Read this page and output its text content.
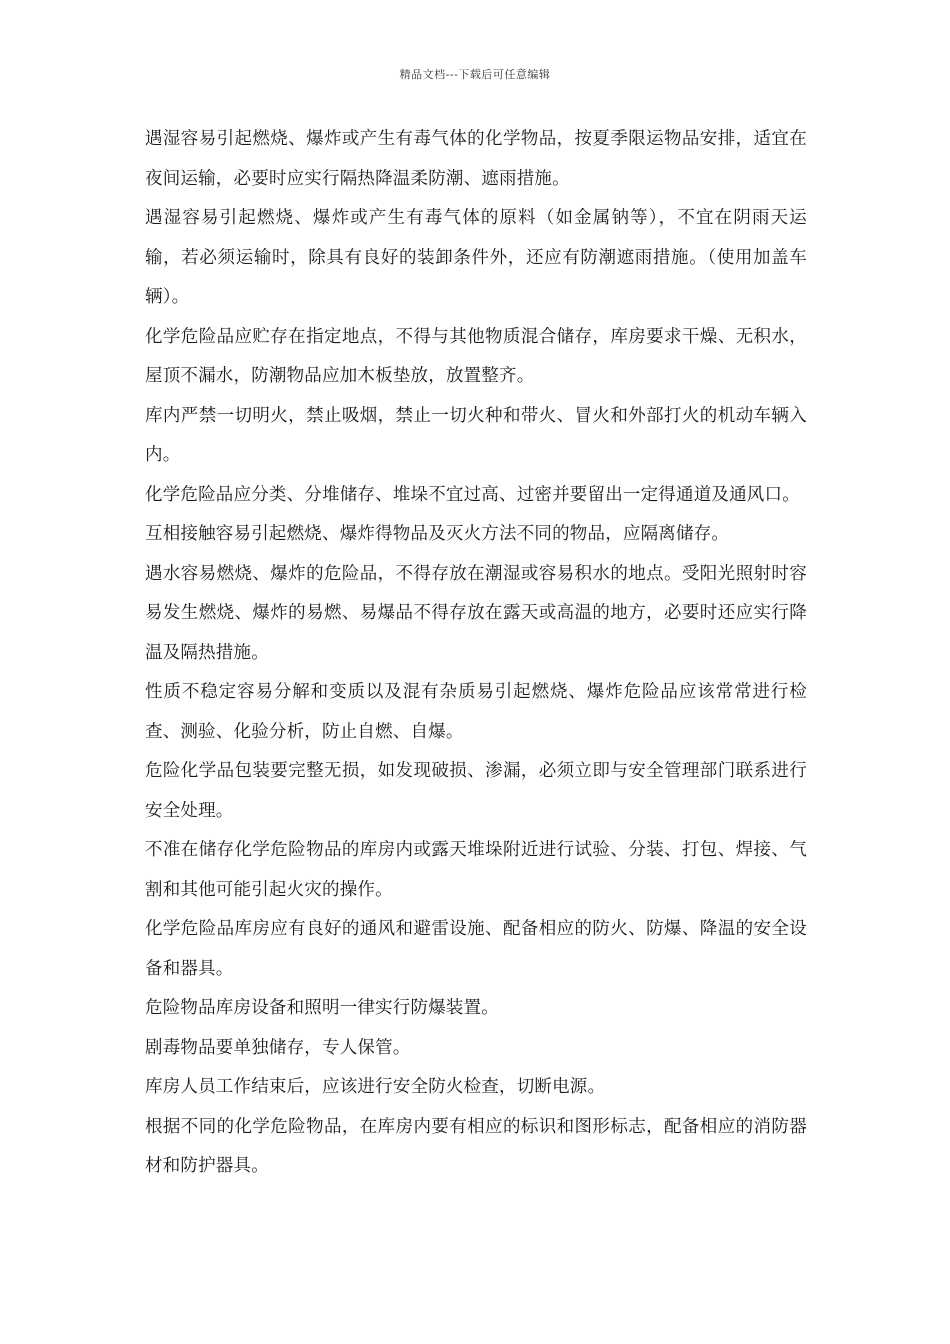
精品文档---下载后可任意编辑

遇湿容易引起燃烧、爆炸或产生有毒气体的化学物品，按夏季限运物品安排，适宜在夜间运输，必要时应实行隔热降温柔防潮、遮雨措施。

遇湿容易引起燃烧、爆炸或产生有毒气体的原料（如金属钠等），不宜在阴雨天运输，若必须运输时，除具有良好的装卸条件外，还应有防潮遮雨措施。（使用加盖车辆）。

化学危险品应贮存在指定地点，不得与其他物质混合储存，库房要求干燥、无积水，屋顶不漏水，防潮物品应加木板垫放，放置整齐。

库内严禁一切明火，禁止吸烟，禁止一切火种和带火、冒火和外部打火的机动车辆入内。

化学危险品应分类、分堆储存、堆垛不宜过高、过密并要留出一定得通道及通风口。

互相接触容易引起燃烧、爆炸得物品及灭火方法不同的物品，应隔离储存。

遇水容易燃烧、爆炸的危险品，不得存放在潮湿或容易积水的地点。受阳光照射时容易发生燃烧、爆炸的易燃、易爆品不得存放在露天或高温的地方，必要时还应实行降温及隔热措施。

性质不稳定容易分解和变质以及混有杂质易引起燃烧、爆炸危险品应该常常进行检查、测验、化验分析，防止自燃、自爆。

危险化学品包装要完整无损，如发现破损、渗漏，必须立即与安全管理部门联系进行安全处理。

不准在储存化学危险物品的库房内或露天堆垛附近进行试验、分装、打包、焊接、气割和其他可能引起火灾的操作。

化学危险品库房应有良好的通风和避雷设施、配备相应的防火、防爆、降温的安全设备和器具。

危险物品库房设备和照明一律实行防爆装置。

剧毒物品要单独储存，专人保管。

库房人员工作结束后，应该进行安全防火检查，切断电源。

根据不同的化学危险物品，在库房内要有相应的标识和图形标志，配备相应的消防器材和防护器具。
